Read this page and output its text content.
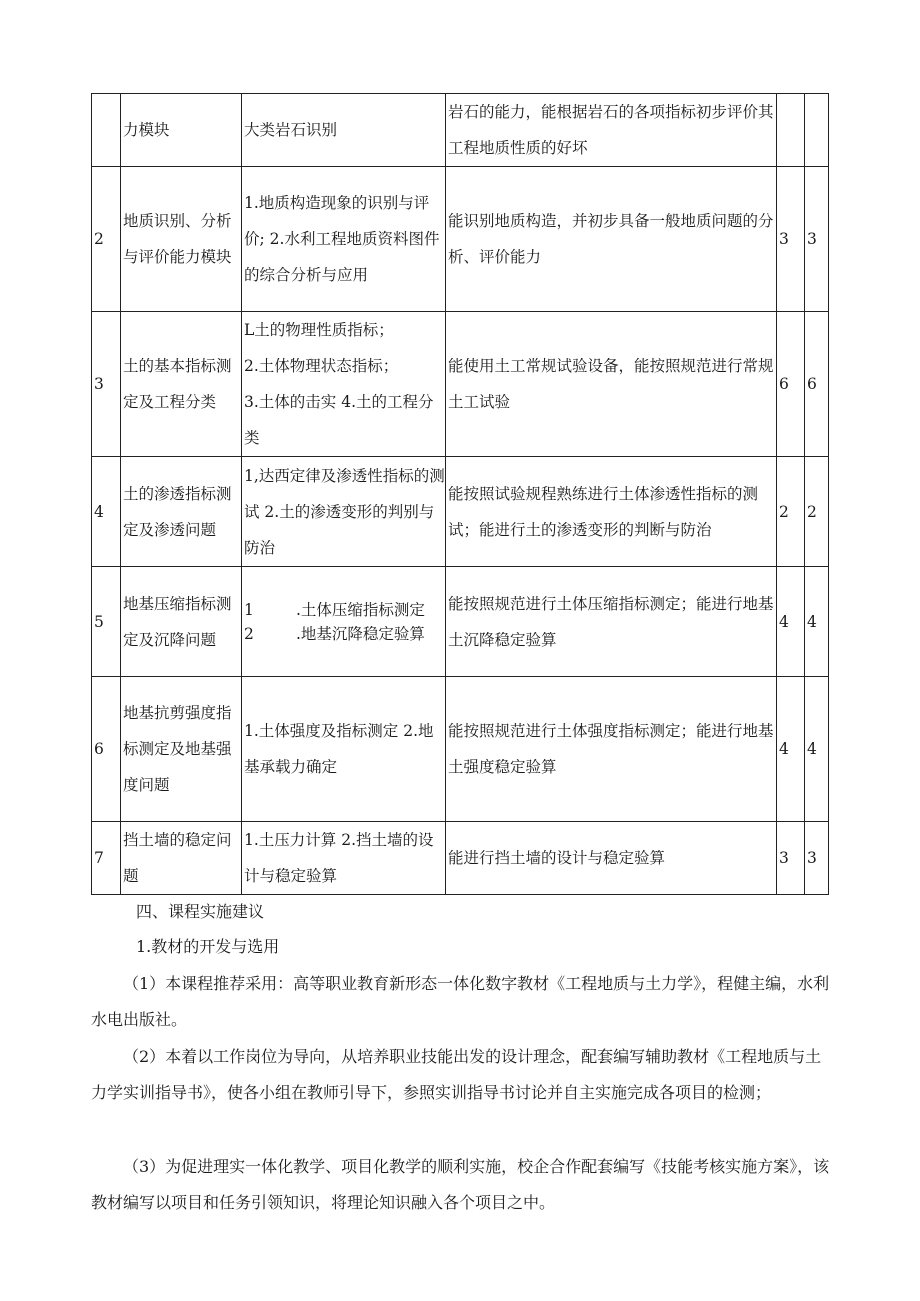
	力模块	大类岩石识别	岩石的能力，能根据岩石的各项指标初步评价其工程地质性质的好坏		
2	地质识别、分析与评价能力模块	1.地质构造现象的识别与评价; 2.水利工程地质资料图件的综合分析与应用	能识别地质构造，并初步具备一般地质问题的分析、评价能力	3	3
3	土的基本指标测定及工程分类	L土的物理性质指标；
2.土体物理状态指标；
3.土体的击实 4.土的工程分类	能使用土工常规试验设备，能按照规范进行常规土工试验	6	6
4	土的渗透指标测定及渗透问题	1,达西定律及渗透性指标的测试 2.土的渗透变形的判别与防治	能按照试验规程熟练进行土体渗透性指标的测试；能进行土的渗透变形的判断与防治	2	2
5	地基压缩指标测定及沉降问题	1 .土体压缩指标测定
2 .地基沉降稳定验算	能按照规范进行土体压缩指标测定；能进行地基土沉降稳定验算	4	4
6	地基抗剪强度指标测定及地基强度问题	1.土体强度及指标测定 2.地基承载力确定	能按照规范进行土体强度指标测定；能进行地基土强度稳定验算	4	4
7	挡土墙的稳定问题	1.土压力计算 2.挡土墙的设计与稳定验算	能进行挡土墙的设计与稳定验算	3	3
四、课程实施建议
1.教材的开发与选用

（1）本课程推荐采用：高等职业教育新形态一体化数字教材《工程地质与土力学》，程健主编，水利水电出版社。

（2）本着以工作岗位为导向，从培养职业技能出发的设计理念，配套编写辅助教材《工程地质与土力学实训指导书》，使各小组在教师引导下，参照实训指导书讨论并自主实施完成各项目的检测；

（3）为促进理实一体化教学、项目化教学的顺利实施，校企合作配套编写《技能考核实施方案》，该教材编写以项目和任务引领知识，将理论知识融入各个项目之中。
